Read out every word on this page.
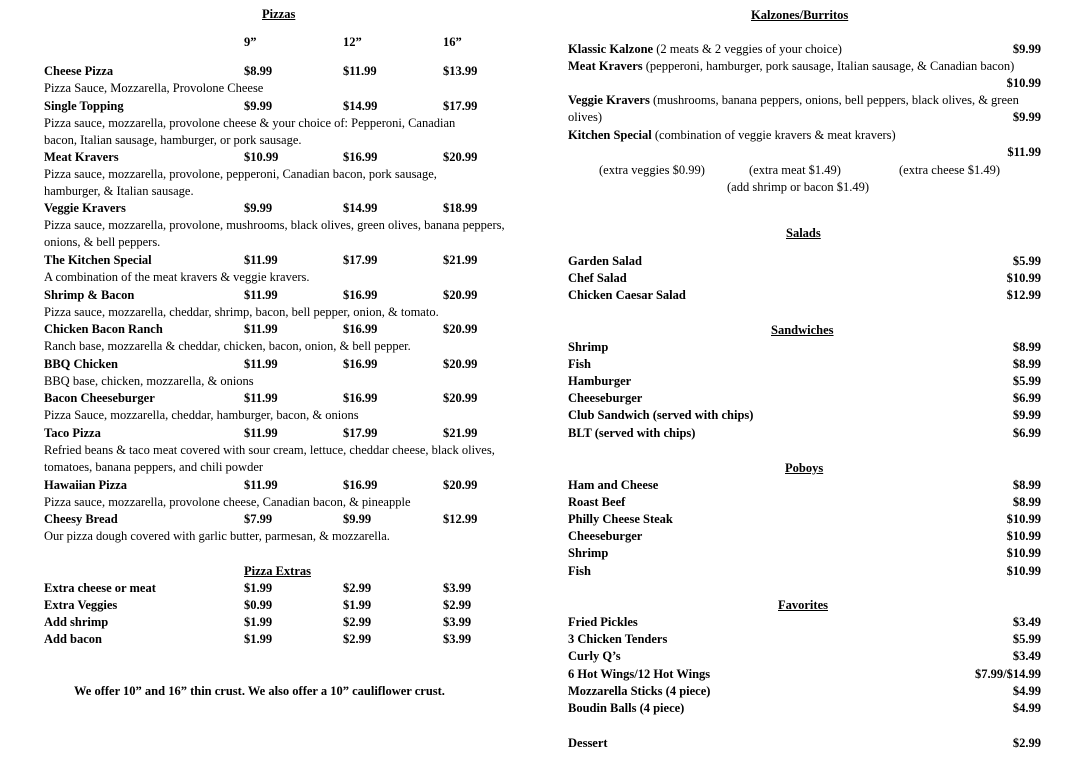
Pizzas
9”	12”	16”
Cheese Pizza	$8.99	$11.99	$13.99
Pizza Sauce, Mozzarella, Provolone Cheese
Single Topping	$9.99	$14.99	$17.99
Pizza sauce, mozzarella, provolone cheese & your choice of: Pepperoni, Canadian bacon, Italian sausage, hamburger, or pork sausage.
Meat Kravers	$10.99	$16.99	$20.99
Pizza sauce, mozzarella, provolone, pepperoni, Canadian bacon, pork sausage, hamburger, & Italian sausage.
Veggie Kravers	$9.99	$14.99	$18.99
Pizza sauce, mozzarella, provolone, mushrooms, black olives, green olives, banana peppers, onions, & bell peppers.
The Kitchen Special	$11.99	$17.99	$21.99
A combination of the meat kravers & veggie kravers.
Shrimp & Bacon	$11.99	$16.99	$20.99
Pizza sauce, mozzarella, cheddar, shrimp, bacon, bell pepper, onion, & tomato.
Chicken Bacon Ranch	$11.99	$16.99	$20.99
Ranch base, mozzarella & cheddar, chicken, bacon, onion, & bell pepper.
BBQ Chicken	$11.99	$16.99	$20.99
BBQ base, chicken, mozzarella, & onions
Bacon Cheeseburger	$11.99	$16.99	$20.99
Pizza Sauce, mozzarella, cheddar, hamburger, bacon, & onions
Taco Pizza	$11.99	$17.99	$21.99
Refried beans & taco meat covered with sour cream, lettuce, cheddar cheese, black olives, tomatoes, banana peppers, and chili powder
Hawaiian Pizza	$11.99	$16.99	$20.99
Pizza sauce, mozzarella, provolone cheese, Canadian bacon, & pineapple
Cheesy Bread	$7.99	$9.99	$12.99
Our pizza dough covered with garlic butter, parmesan, & mozzarella.
Pizza Extras
Extra cheese or meat	$1.99	$2.99	$3.99
Extra Veggies	$0.99	$1.99	$2.99
Add shrimp	$1.99	$2.99	$3.99
Add bacon	$1.99	$2.99	$3.99
We offer 10” and 16” thin crust. We also offer a 10” cauliflower crust.
Kalzones/Burritos
Klassic Kalzone (2 meats & 2 veggies of your choice)	$9.99
Meat Kravers (pepperoni, hamburger, pork sausage, Italian sausage, & Canadian bacon)
$10.99
Veggie Kravers (mushrooms, banana peppers, onions, bell peppers, black olives, & green olives)	$9.99
Kitchen Special (combination of veggie kravers & meat kravers)
$11.99
(extra veggies $0.99)	(extra meat $1.49)	(extra cheese $1.49)
(add shrimp or bacon $1.49)
Salads
Garden Salad	$5.99
Chef Salad	$10.99
Chicken Caesar Salad	$12.99
Sandwiches
Shrimp	$8.99
Fish	$8.99
Hamburger	$5.99
Cheeseburger	$6.99
Club Sandwich (served with chips)	$9.99
BLT (served with chips)	$6.99
Poboys
Ham and Cheese	$8.99
Roast Beef	$8.99
Philly Cheese Steak	$10.99
Cheeseburger	$10.99
Shrimp	$10.99
Fish	$10.99
Favorites
Fried Pickles	$3.49
3 Chicken Tenders	$5.99
Curly Q’s	$3.49
6 Hot Wings/12 Hot Wings	$7.99/$14.99
Mozzarella Sticks (4 piece)	$4.99
Boudin Balls (4 piece)	$4.99
Dessert	$2.99
